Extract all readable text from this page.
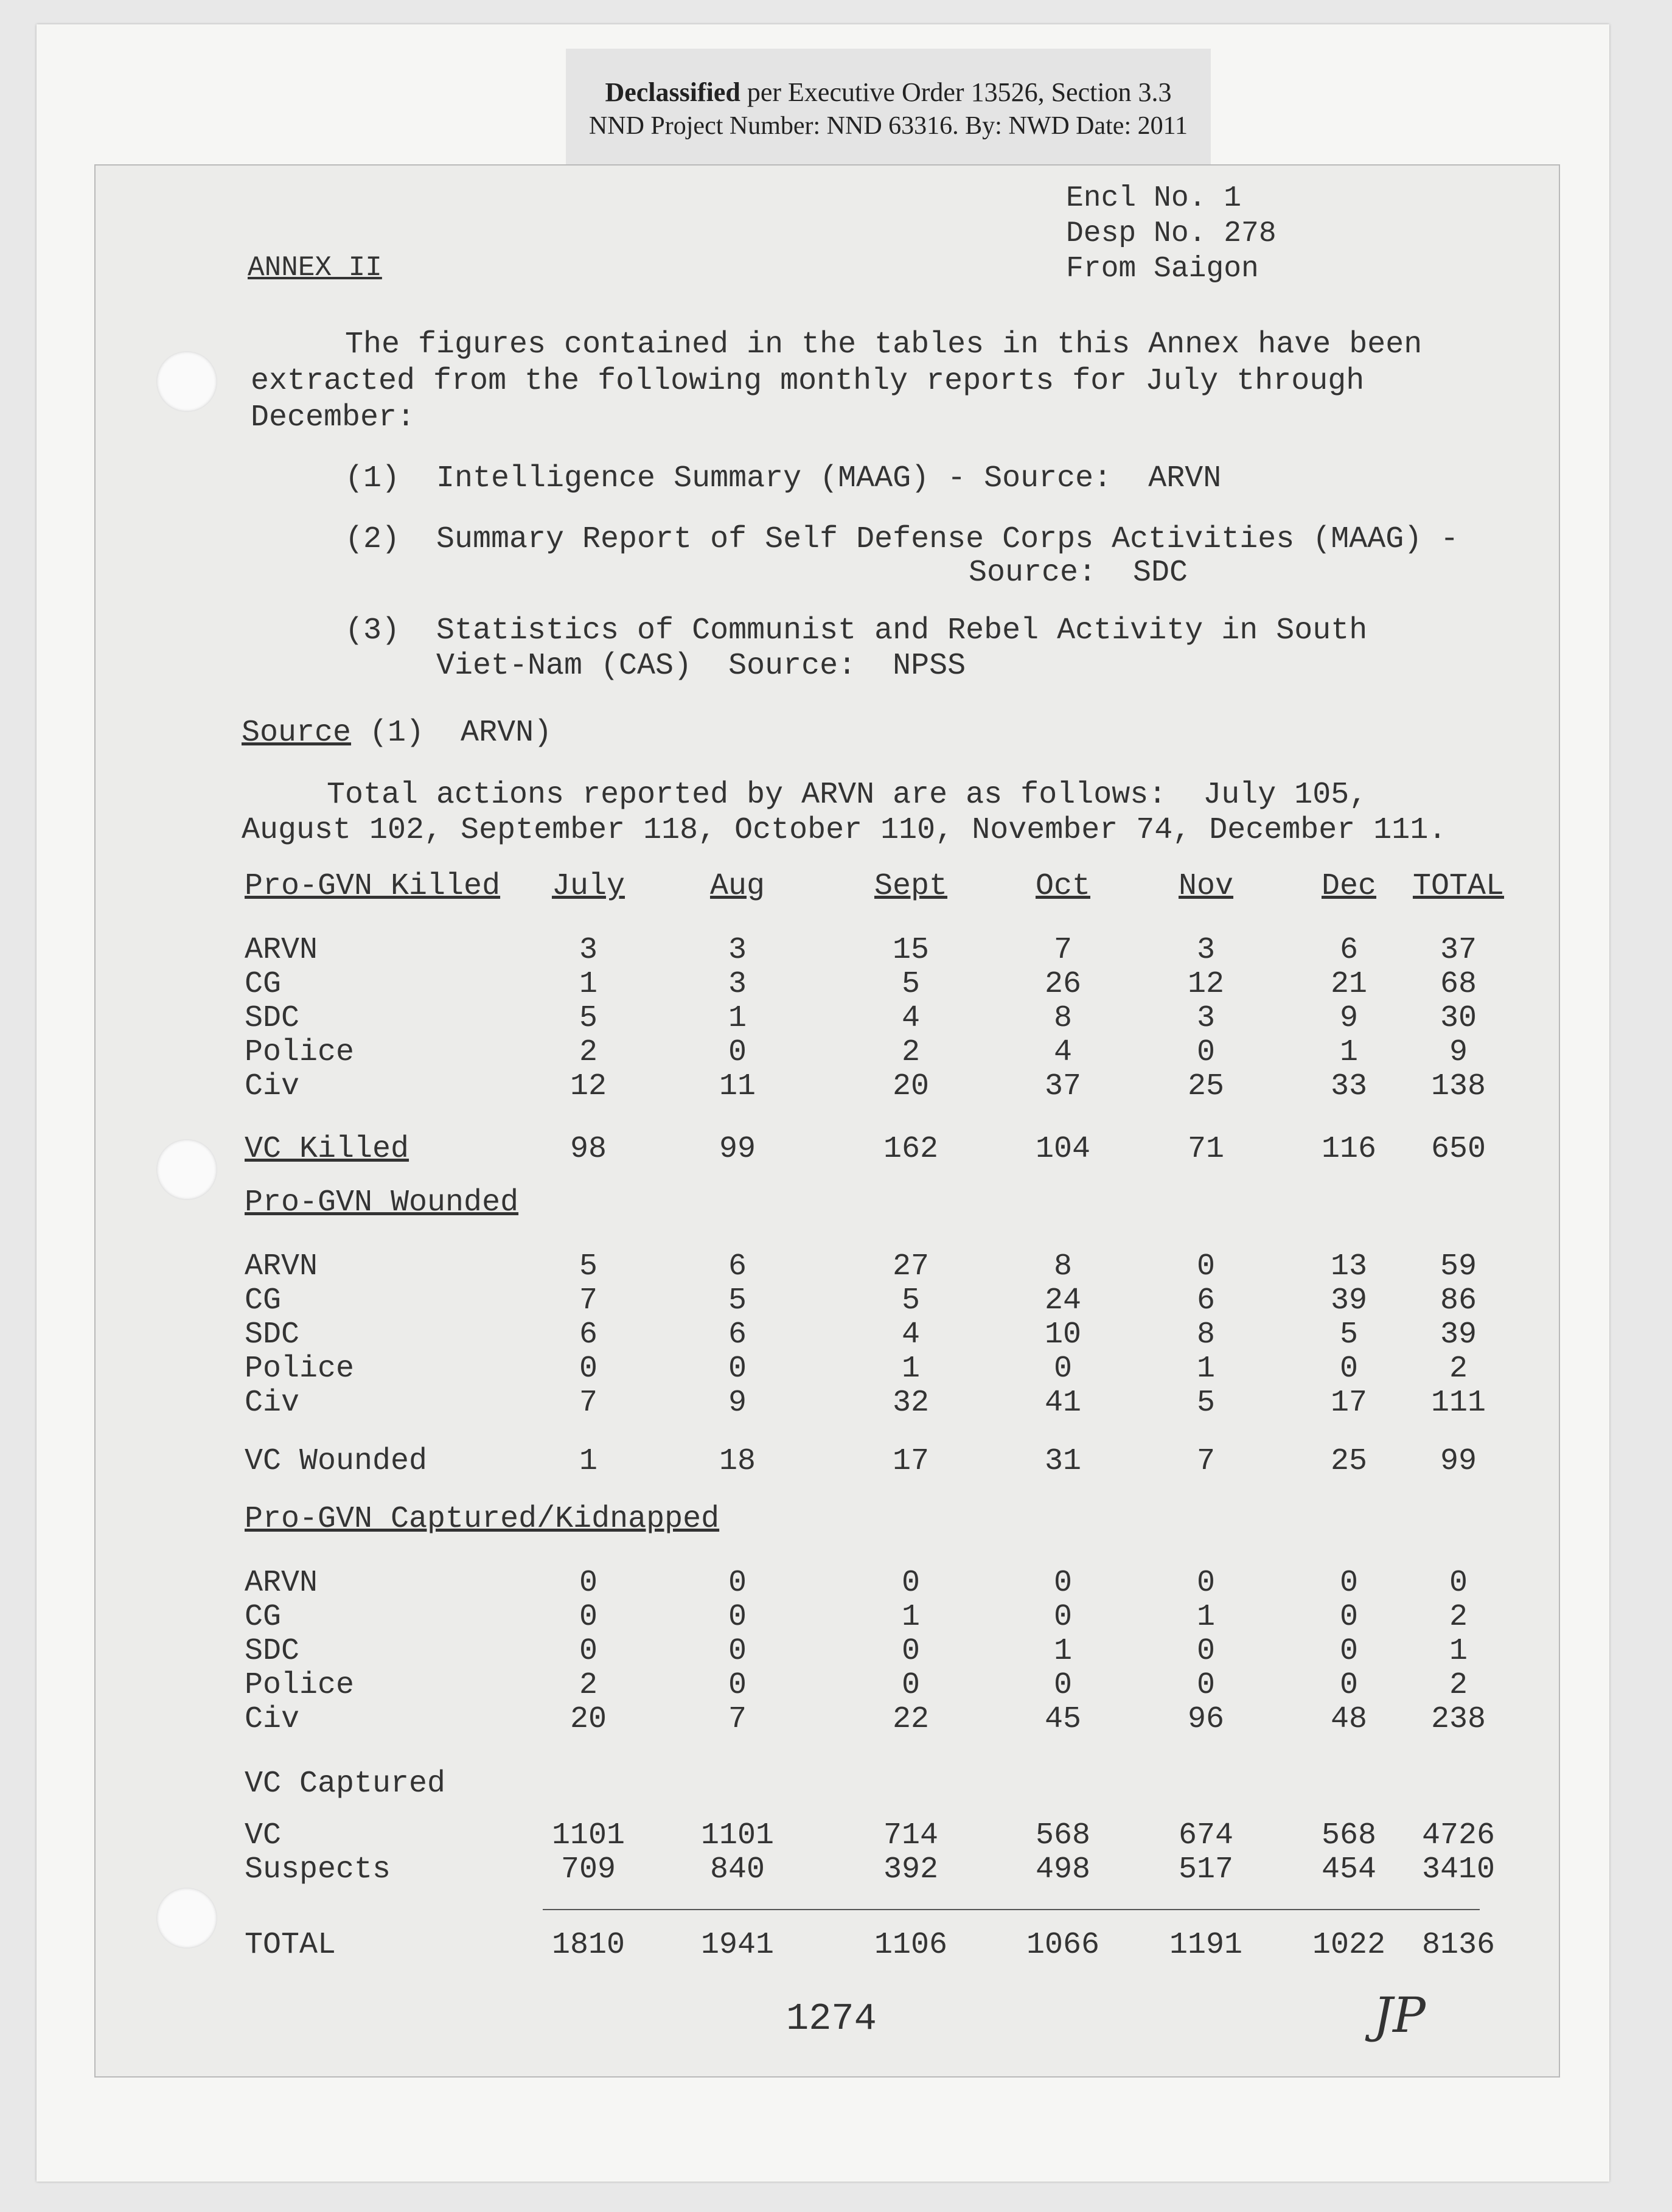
Declassified per Executive Order 13526, Section 3.3
NND Project Number: NND 63316. By: NWD Date: 2011
Encl No. 1
Desp No. 278
From Saigon
ANNEX II
The figures contained in the tables in this Annex have been
extracted from the following monthly reports for July through
December:
(1) Intelligence Summary (MAAG) - Source:  ARVN
(2) Summary Report of Self Defense Corps Activities (MAAG) -
Source:  SDC
(3) Statistics of Communist and Rebel Activity in South
Viet-Nam (CAS)  Source:  NPSS
Source (1)  ARVN)
Total actions reported by ARVN are as follows:  July 105,
August 102, September 118, October 110, November 74, December 111.
Pro-GVN Killed	July	Aug	Sept	Oct	Nov	Dec	TOTAL
ARVN	3	3	15	7	3	6	37
CG	1	3	5	26	12	21	68
SDC	5	1	4	8	3	9	30
Police	2	0	2	4	0	1	9
Civ	12	11	20	37	25	33	138
VC Killed	98	99	162	104	71	116	650
Pro-GVN Wounded
ARVN	5	6	27	8	0	13	59
CG	7	5	5	24	6	39	86
SDC	6	6	4	10	8	5	39
Police	0	0	1	0	1	0	2
Civ	7	9	32	41	5	17	111
VC Wounded	1	18	17	31	7	25	99
Pro-GVN Captured/Kidnapped
ARVN	0	0	0	0	0	0	0
CG	0	0	1	0	1	0	2
SDC	0	0	0	1	0	0	1
Police	2	0	0	0	0	0	2
Civ	20	7	22	45	96	48	238
VC Captured
VC	1101	1101	714	568	674	568	4726
Suspects	709	840	392	498	517	454	3410
TOTAL	1810	1941	1106	1066	1191	1022	8136
1274	JP
